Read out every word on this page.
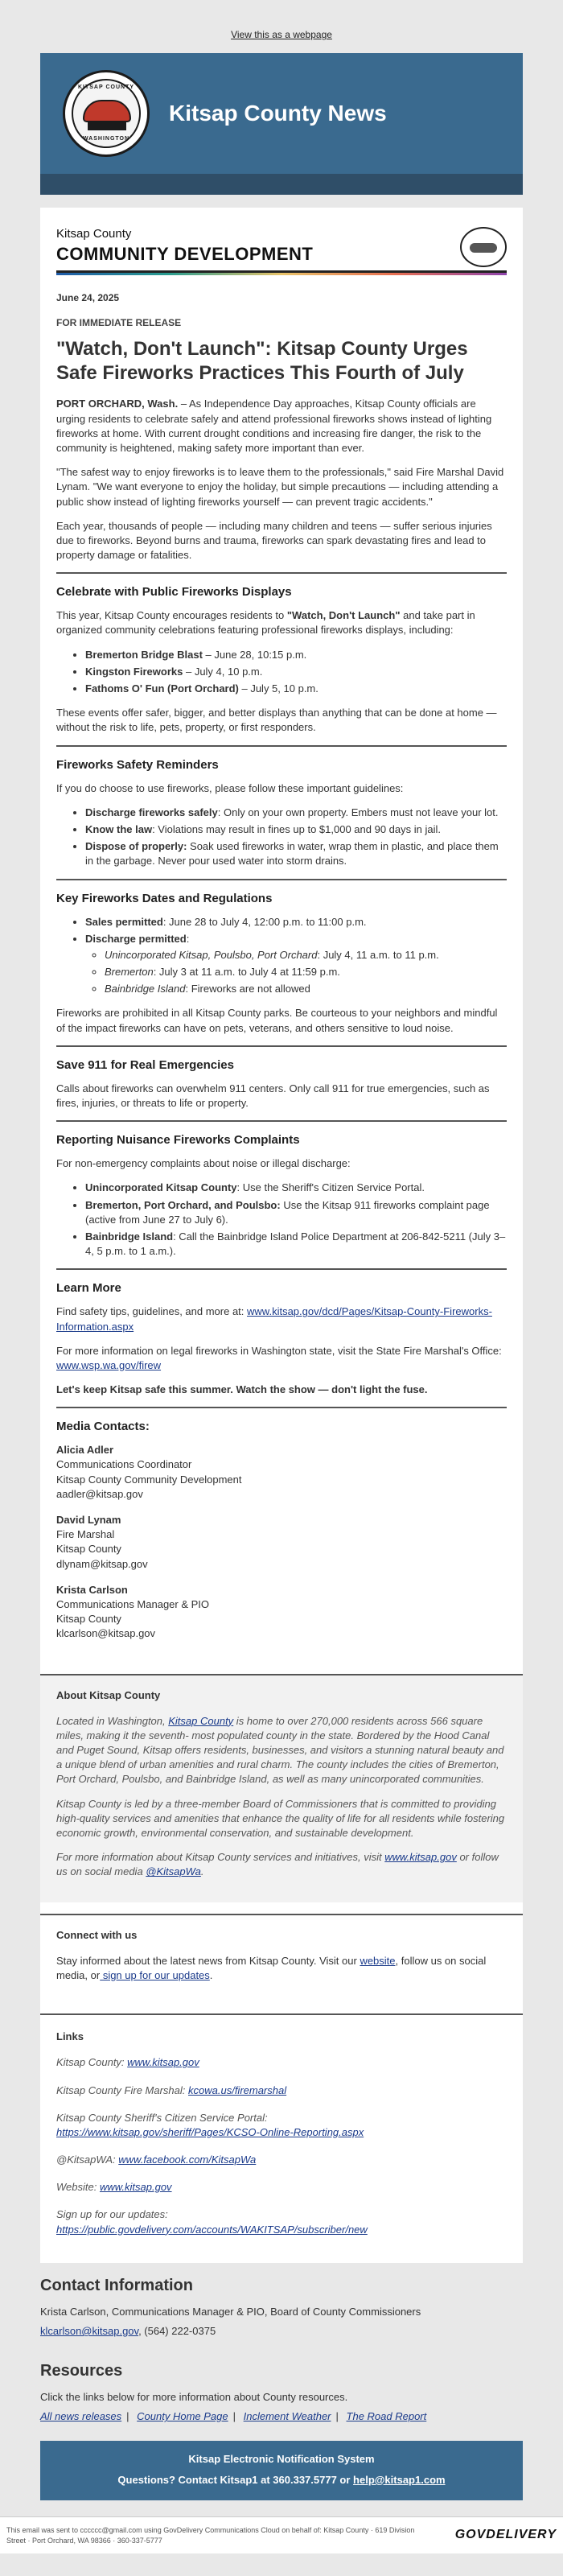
View this as a webpage
KITSAP COUNTY
WASHINGTON
Kitsap County News
Kitsap County
COMMUNITY DEVELOPMENT
June 24, 2025
FOR IMMEDIATE RELEASE
"Watch, Don't Launch": Kitsap County Urges Safe Fireworks Practices This Fourth of July

PORT ORCHARD, Wash. – As Independence Day approaches, Kitsap County officials are urging residents to celebrate safely and attend professional fireworks shows instead of lighting fireworks at home. With current drought conditions and increasing fire danger, the risk to the community is heightened, making safety more important than ever.

"The safest way to enjoy fireworks is to leave them to the professionals," said Fire Marshal David Lynam. "We want everyone to enjoy the holiday, but simple precautions — including attending a public show instead of lighting fireworks yourself — can prevent tragic accidents."

Each year, thousands of people — including many children and teens — suffer serious injuries due to fireworks. Beyond burns and trauma, fireworks can spark devastating fires and lead to property damage or fatalities.

Celebrate with Public Fireworks Displays

This year, Kitsap County encourages residents to "Watch, Don't Launch" and take part in organized community celebrations featuring professional fireworks displays, including:

• Bremerton Bridge Blast – June 28, 10:15 p.m.
• Kingston Fireworks – July 4, 10 p.m.
• Fathoms O' Fun (Port Orchard) – July 5, 10 p.m.

These events offer safer, bigger, and better displays than anything that can be done at home — without the risk to life, pets, property, or first responders.

Fireworks Safety Reminders

If you do choose to use fireworks, please follow these important guidelines:

• Discharge fireworks safely: Only on your own property. Embers must not leave your lot.
• Know the law: Violations may result in fines up to $1,000 and 90 days in jail.
• Dispose of properly: Soak used fireworks in water, wrap them in plastic, and place them in the garbage. Never pour used water into storm drains.
Key Fireworks Dates and Regulations
• Sales permitted: June 28 to July 4, 12:00 p.m. to 11:00 p.m.
• Discharge permitted:
◦ Unincorporated Kitsap, Poulsbo, Port Orchard: July 4, 11 a.m. to 11 p.m.
◦ Bremerton: July 3 at 11 a.m. to July 4 at 11:59 p.m.
◦ Bainbridge Island: Fireworks are not allowed

Fireworks are prohibited in all Kitsap County parks. Be courteous to your neighbors and mindful of the impact fireworks can have on pets, veterans, and others sensitive to loud noise.

Save 911 for Real Emergencies

Calls about fireworks can overwhelm 911 centers. Only call 911 for true emergencies, such as fires, injuries, or threats to life or property.

Reporting Nuisance Fireworks Complaints

For non-emergency complaints about noise or illegal discharge:

• Unincorporated Kitsap County: Use the Sheriff's Citizen Service Portal.
• Bremerton, Port Orchard, and Poulsbo: Use the Kitsap 911 fireworks complaint page (active from June 27 to July 6).
• Bainbridge Island: Call the Bainbridge Island Police Department at 206-842-5211 (July 3–4, 5 p.m. to 1 a.m.).
Learn More

Find safety tips, guidelines, and more at: www.kitsap.gov/dcd/Pages/Kitsap-County-Fireworks-Information.aspx

For more information on legal fireworks in Washington state, visit the State Fire Marshal's Office: www.wsp.wa.gov/firew

Let's keep Kitsap safe this summer. Watch the show — don't light the fuse.

Media Contacts:
Alicia Adler
Communications Coordinator
Kitsap County Community Development
aadler@kitsap.gov
David Lynam
Fire Marshal
Kitsap County
dlynam@kitsap.gov
Krista Carlson
Communications Manager & PIO
Kitsap County
klcarlson@kitsap.gov
About Kitsap County

Located in Washington, Kitsap County is home to over 270,000 residents across 566 square miles, making it the seventh- most populated county in the state. Bordered by the Hood Canal and Puget Sound, Kitsap offers residents, businesses, and visitors a stunning natural beauty and a unique blend of urban amenities and rural charm. The county includes the cities of Bremerton, Port Orchard, Poulsbo, and Bainbridge Island, as well as many unincorporated communities.

Kitsap County is led by a three-member Board of Commissioners that is committed to providing high-quality services and amenities that enhance the quality of life for all residents while fostering economic growth, environmental conservation, and sustainable development.

For more information about Kitsap County services and initiatives, visit www.kitsap.gov or follow us on social media @KitsapWa.

Connect with us

Stay informed about the latest news from Kitsap County. Visit our website, follow us on social media, or sign up for our updates.

Links

Kitsap County: www.kitsap.gov

Kitsap County Fire Marshal: kcowa.us/firemarshal

Kitsap County Sheriff's Citizen Service Portal:
https://www.kitsap.gov/sheriff/Pages/KCSO-Online-Reporting.aspx

@KitsapWA: www.facebook.com/KitsapWa

Website: www.kitsap.gov

Sign up for our updates:
https://public.govdelivery.com/accounts/WAKITSAP/subscriber/new

Contact Information

Krista Carlson, Communications Manager & PIO, Board of County Commissioners

klcarlson@kitsap.gov, (564) 222-0375

Resources

Click the links below for more information about County resources.

All news releases | County Home Page | Inclement Weather | The Road Report

Kitsap Electronic Notification System
Questions? Contact Kitsap1 at 360.337.5777 or help@kitsap1.com
This email was sent to cccccc@gmail.com using GovDelivery Communications Cloud on behalf of: Kitsap County · 619 Division Street · Port Orchard, WA 98366 · 360-337-5777	GOVDELIVERY
